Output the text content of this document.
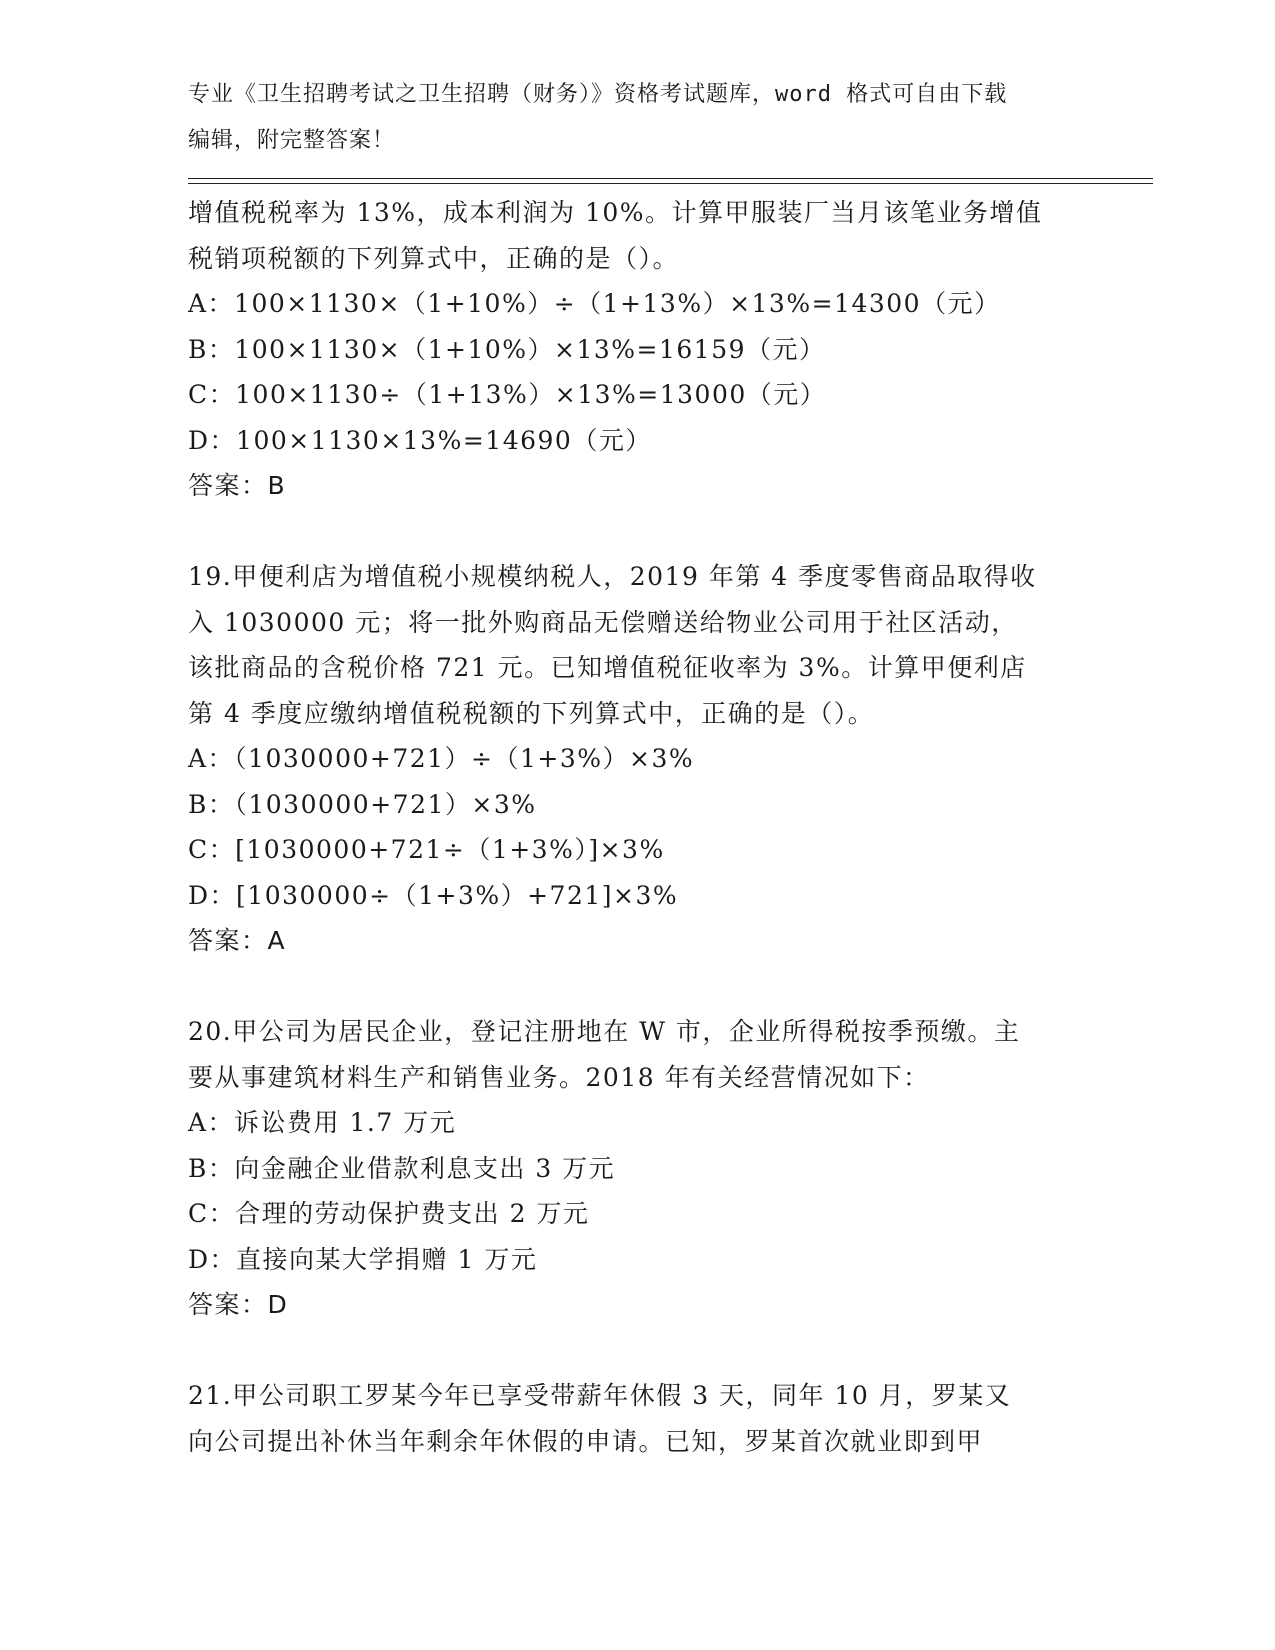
专业《卫生招聘考试之卫生招聘（财务）》资格考试题库，word 格式可自由下载
编辑，附完整答案！
增值税税率为 13%，成本利润为 10%。计算甲服装厂当月该笔业务增值
税销项税额的下列算式中，正确的是（）。
A：100×1130×（1+10%）÷（1+13%）×13%=14300（元）
B：100×1130×（1+10%）×13%=16159（元）
C：100×1130÷（1+13%）×13%=13000（元）
D：100×1130×13%=14690（元）
答案：B
19.甲便利店为增值税小规模纳税人，2019 年第 4 季度零售商品取得收
入 1030000 元；将一批外购商品无偿赠送给物业公司用于社区活动，
该批商品的含税价格 721 元。已知增值税征收率为 3%。计算甲便利店
第 4 季度应缴纳增值税税额的下列算式中，正确的是（）。
A：（1030000+721）÷（1+3%）×3%
B：（1030000+721）×3%
C：[1030000+721÷（1+3%）]×3%
D：[1030000÷（1+3%）+721]×3%
答案：A
20.甲公司为居民企业，登记注册地在 W 市，企业所得税按季预缴。主
要从事建筑材料生产和销售业务。2018 年有关经营情况如下：
A：诉讼费用 1.7 万元
B：向金融企业借款利息支出 3 万元
C：合理的劳动保护费支出 2 万元
D：直接向某大学捐赠 1 万元
答案：D
21.甲公司职工罗某今年已享受带薪年休假 3 天，同年 10 月，罗某又
向公司提出补休当年剩余年休假的申请。已知，罗某首次就业即到甲
